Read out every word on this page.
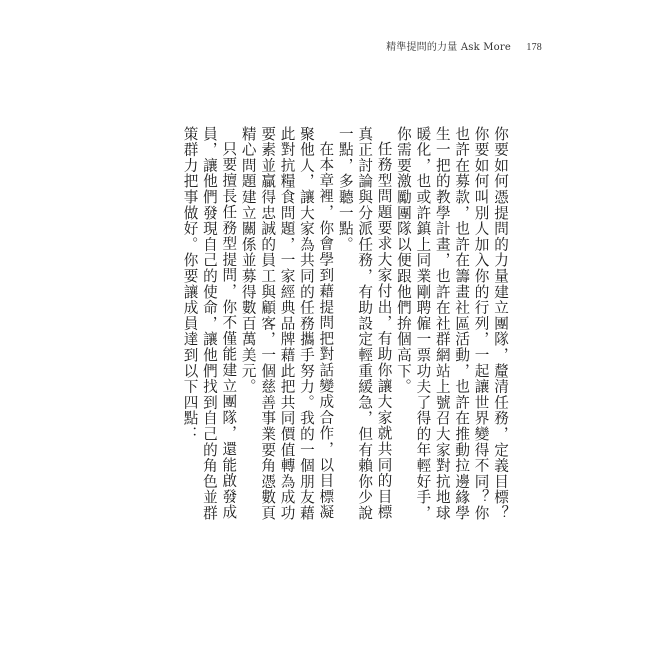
精準提問的力量 Ask More 178

你要如何憑提問的力量建立團隊，釐清任務，定義目標？你要如何叫別人加入你的行列，一起讓世界變得不同？你也許在募款，也許在籌畫社區活動，也許在推動拉邊緣學生一把的教學計畫，也許在社群網站上號召大家對抗地球暖化，也或許鎮上同業剛聘僱一票功夫了得的年輕好手，你需要激勵團隊以便跟他們拚個高下。

任務型問題要求大家付出，有助你讓大家就共同的目標真正討論與分派任務，有助設定輕重緩急，但有賴你少說一點，多聽一點。

在本章裡，你會學到藉提問把對話變成合作，以目標凝聚他人，讓大家為共同的任務攜手努力。我的一個朋友藉此對抗糧食問題，一家經典品牌藉此把共同價值轉為成功要素並贏得忠誠的員工與顧客，一個慈善事業要角憑數頁精心問題建立關係並募得數百萬美元。

只要擅長任務型提問，你不僅能建立團隊，還能啟發成員，讓他們發現自己的使命，讓他們找到自己的角色並群策群力把事做好。你要讓成員達到以下四點：
